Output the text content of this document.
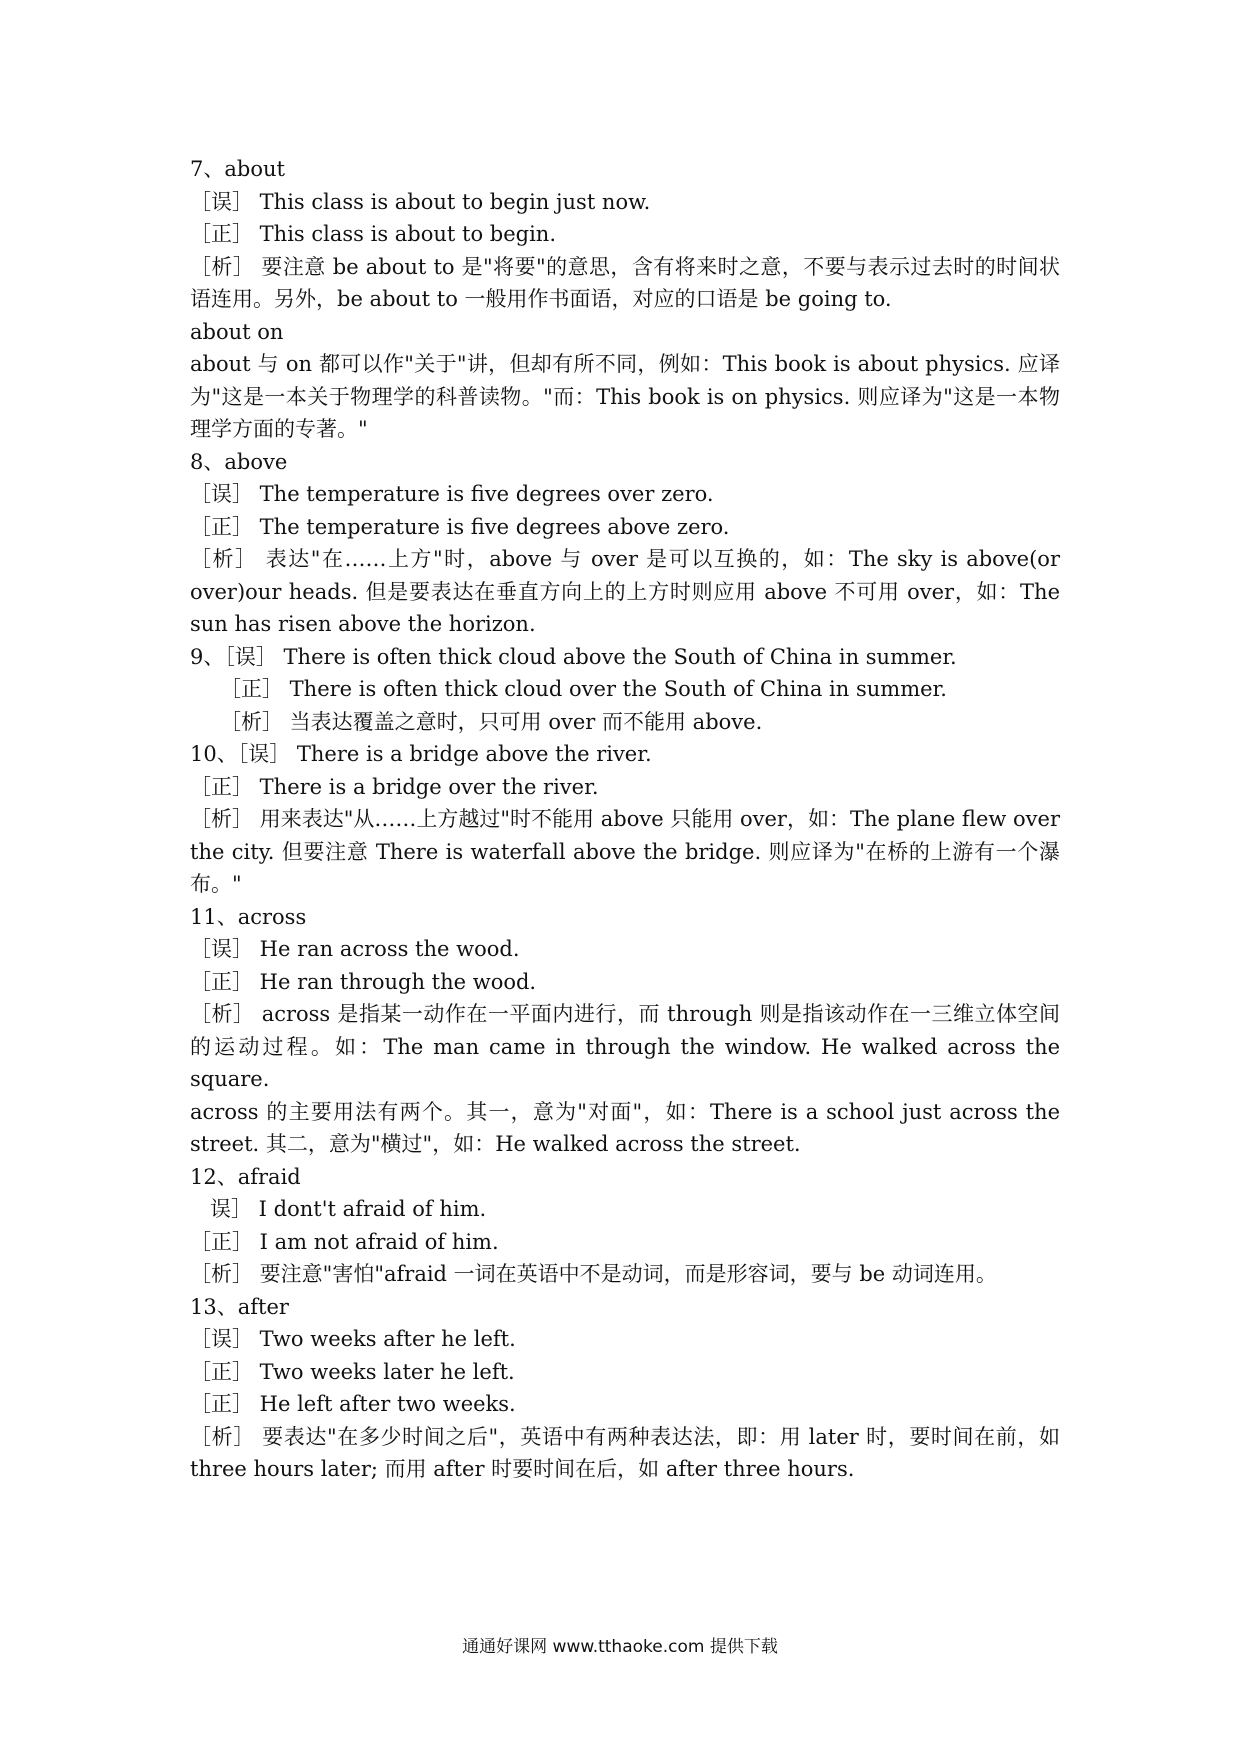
7、about
［误］ This class is about to begin just now.
［正］ This class is about to begin.
［析］ 要注意 be about to 是"将要"的意思，含有将来时之意，不要与表示过去时的时间状语连用。另外，be about to 一般用作书面语，对应的口语是 be going to.
about on
about 与 on 都可以作"关于"讲，但却有所不同，例如：This book is about physics. 应译为"这是一本关于物理学的科普读物。"而：This book is on physics. 则应译为"这是一本物理学方面的专著。"
8、above
［误］ The temperature is five degrees over zero.
［正］ The temperature is five degrees above zero.
［析］ 表达"在……上方"时，above 与 over 是可以互换的，如：The sky is above(or over)our heads. 但是要表达在垂直方向上的上方时则应用 above 不可用 over，如：The sun has risen above the horizon.
9、［误］ There is often thick cloud above the South of China in summer.
［正］ There is often thick cloud over the South of China in summer.
［析］ 当表达覆盖之意时，只可用 over 而不能用 above.
10、［误］ There is a bridge above the river.
［正］ There is a bridge over the river.
［析］ 用来表达"从……上方越过"时不能用 above 只能用 over，如：The plane flew over the city. 但要注意 There is waterfall above the bridge. 则应译为"在桥的上游有一个瀑布。"
11、across
［误］ He ran across the wood.
［正］ He ran through the wood.
［析］ across 是指某一动作在一平面内进行，而 through 则是指该动作在一三维立体空间的运动过程。如：The man came in through the window. He walked across the square.
across 的主要用法有两个。其一，意为"对面"，如：There is a school just across the street. 其二，意为"横过"，如：He walked across the street.
12、afraid
误］ I dont't afraid of him.
［正］ I am not afraid of him.
［析］ 要注意"害怕"afraid 一词在英语中不是动词，而是形容词，要与 be 动词连用。
13、after
［误］ Two weeks after he left.
［正］ Two weeks later he left.
［正］ He left after two weeks.
［析］ 要表达"在多少时间之后"，英语中有两种表达法，即：用 later 时，要时间在前，如 three hours later; 而用 after 时要时间在后，如 after three hours.
通通好课网 www.tthaoke.com 提供下载
